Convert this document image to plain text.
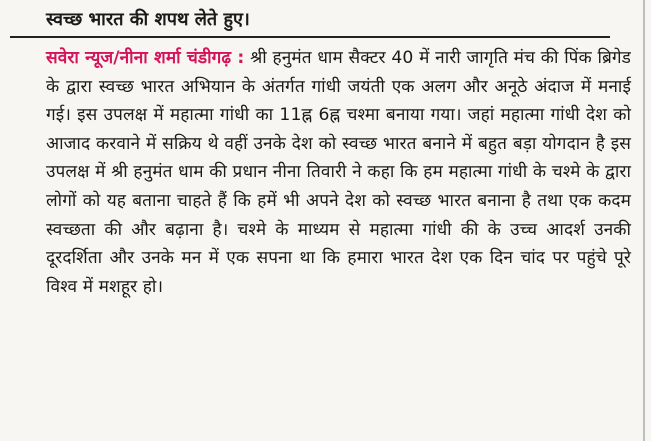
स्वच्छ भारत की शपथ लेते हुए।

सवेरा न्यूज/नीना शर्मा चंडीगढ़ : श्री हनुमंत धाम सैक्टर 40 में नारी जागृति मंच की पिंक ब्रिगेड के द्वारा स्वच्छ भारत अभियान के अंतर्गत गांधी जयंती एक अलग और अनूठे अंदाज में मनाई गई। इस उपलक्ष में महात्मा गांधी का 11ह्न 6ह्न चश्मा बनाया गया। जहां महात्मा गांधी देश को आजाद करवाने में सक्रिय थे वहीं उनके देश को स्वच्छ भारत बनाने में बहुत बड़ा योगदान है इस उपलक्ष में श्री हनुमंत धाम की प्रधान नीना तिवारी ने कहा कि हम महात्मा गांधी के चश्मे के द्वारा लोगों को यह बताना चाहते हैं कि हमें भी अपने देश को स्वच्छ भारत बनाना है तथा एक कदम स्वच्छता की और बढ़ाना है। चश्मे के माध्यम से महात्मा गांधी की के उच्च आदर्श उनकी दूरदर्शिता और उनके मन में एक सपना था कि हमारा भारत देश एक दिन चांद पर पहुंचे पूरे विश्व में मशहूर हो।
